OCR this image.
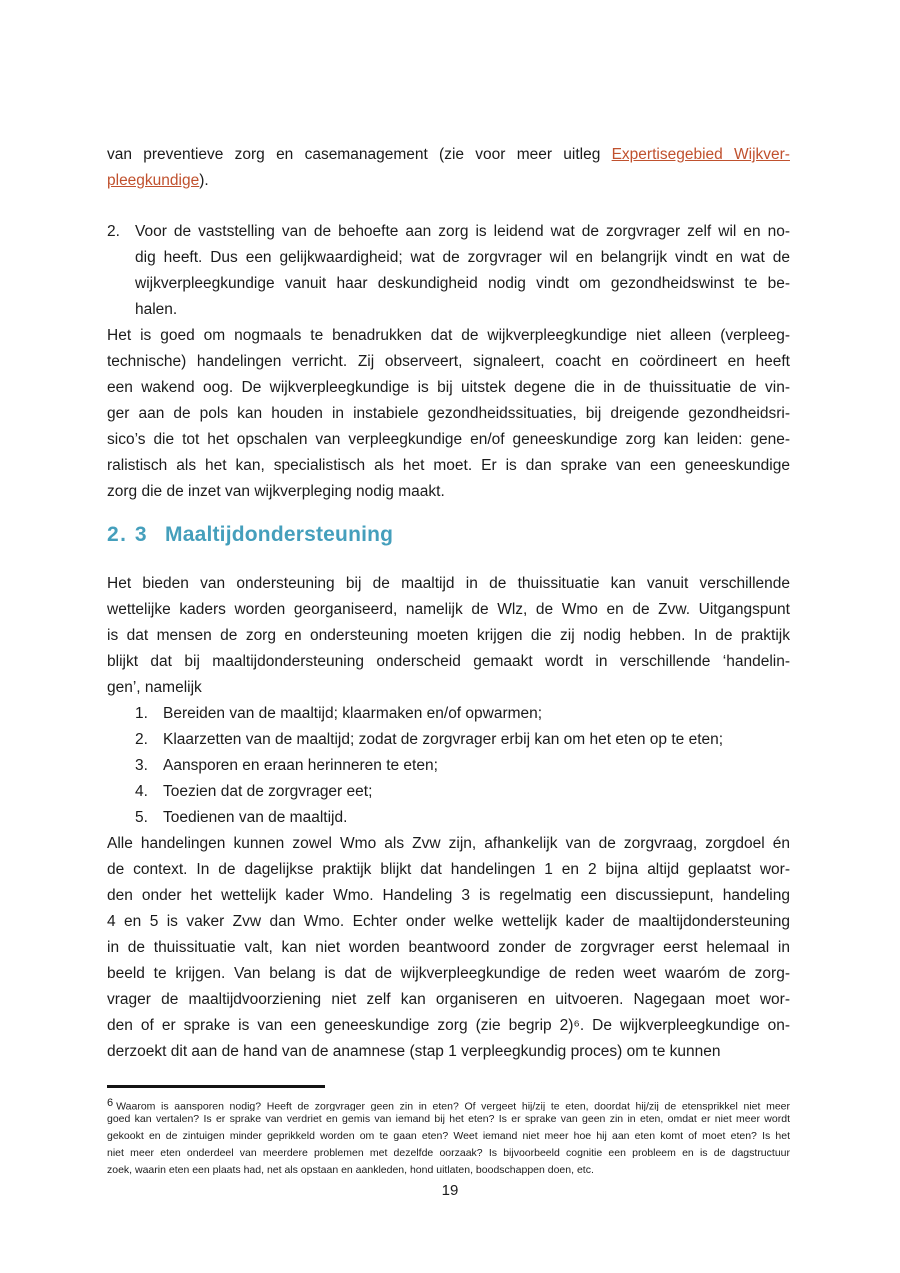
van preventieve zorg en casemanagement (zie voor meer uitleg Expertisegebied Wijkver-
pleegkundige).
2. Voor de vaststelling van de behoefte aan zorg is leidend wat de zorgvrager zelf wil en no-
dig heeft. Dus een gelijkwaardigheid; wat de zorgvrager wil en belangrijk vindt en wat de
wijkverpleegkundige vanuit haar deskundigheid nodig vindt om gezondheidswinst te be-
halen.
Het is goed om nogmaals te benadrukken dat de wijkverpleegkundige niet alleen (verpleeg-
technische) handelingen verricht. Zij observeert, signaleert, coacht en coördineert en heeft
een wakend oog. De wijkverpleegkundige is bij uitstek degene die in de thuissituatie de vin-
ger aan de pols kan houden in instabiele gezondheidssituaties, bij dreigende gezondheidsri-
sico’s die tot het opschalen van verpleegkundige en/of geneeskundige zorg kan leiden: gene-
ralistisch als het kan, specialistisch als het moet. Er is dan sprake van een geneeskundige
zorg die de inzet van wijkverpleging nodig maakt.
2. 3 Maaltijdondersteuning
Het bieden van ondersteuning bij de maaltijd in de thuissituatie kan vanuit verschillende
wettelijke kaders worden georganiseerd, namelijk de Wlz, de Wmo en de Zvw. Uitgangspunt
is dat mensen de zorg en ondersteuning moeten krijgen die zij nodig hebben. In de praktijk
blijkt dat bij maaltijdondersteuning onderscheid gemaakt wordt in verschillende ‘handelin-
gen’, namelijk
1. Bereiden van de maaltijd; klaarmaken en/of opwarmen;
2. Klaarzetten van de maaltijd; zodat de zorgvrager erbij kan om het eten op te eten;
3. Aansporen en eraan herinneren te eten;
4. Toezien dat de zorgvrager eet;
5. Toedienen van de maaltijd.
Alle handelingen kunnen zowel Wmo als Zvw zijn, afhankelijk van de zorgvraag, zorgdoel én
de context. In de dagelijkse praktijk blijkt dat handelingen 1 en 2 bijna altijd geplaatst wor-
den onder het wettelijk kader Wmo. Handeling 3 is regelmatig een discussiepunt, handeling
4 en 5 is vaker Zvw dan Wmo. Echter onder welke wettelijk kader de maaltijdondersteuning
in de thuissituatie valt, kan niet worden beantwoord zonder de zorgvrager eerst helemaal in
beeld te krijgen. Van belang is dat de wijkverpleegkundige de reden weet waaróm de zorg-
vrager de maaltijdvoorziening niet zelf kan organiseren en uitvoeren. Nagegaan moet wor-
den of er sprake is van een geneeskundige zorg (zie begrip 2)⁶. De wijkverpleegkundige on-
derzoekt dit aan de hand van de anamnese (stap 1 verpleegkundig proces) om te kunnen
$^6$ Waarom is aansporen nodig? Heeft de zorgvrager geen zin in eten? Of vergeet hij/zij te eten, doordat hij/zij de etensprikkel niet meer
goed kan vertalen? Is er sprake van verdriet en gemis van iemand bij het eten? Is er sprake van geen zin in eten, omdat er niet meer wordt
gekookt en de zintuigen minder geprikkeld worden om te gaan eten? Weet iemand niet meer hoe hij aan eten komt of moet eten? Is het
niet meer eten onderdeel van meerdere problemen met dezelfde oorzaak? Is bijvoorbeeld cognitie een probleem en is de dagstructuur
zoek, waarin eten een plaats had, net als opstaan en aankleden, hond uitlaten, boodschappen doen, etc.
19
